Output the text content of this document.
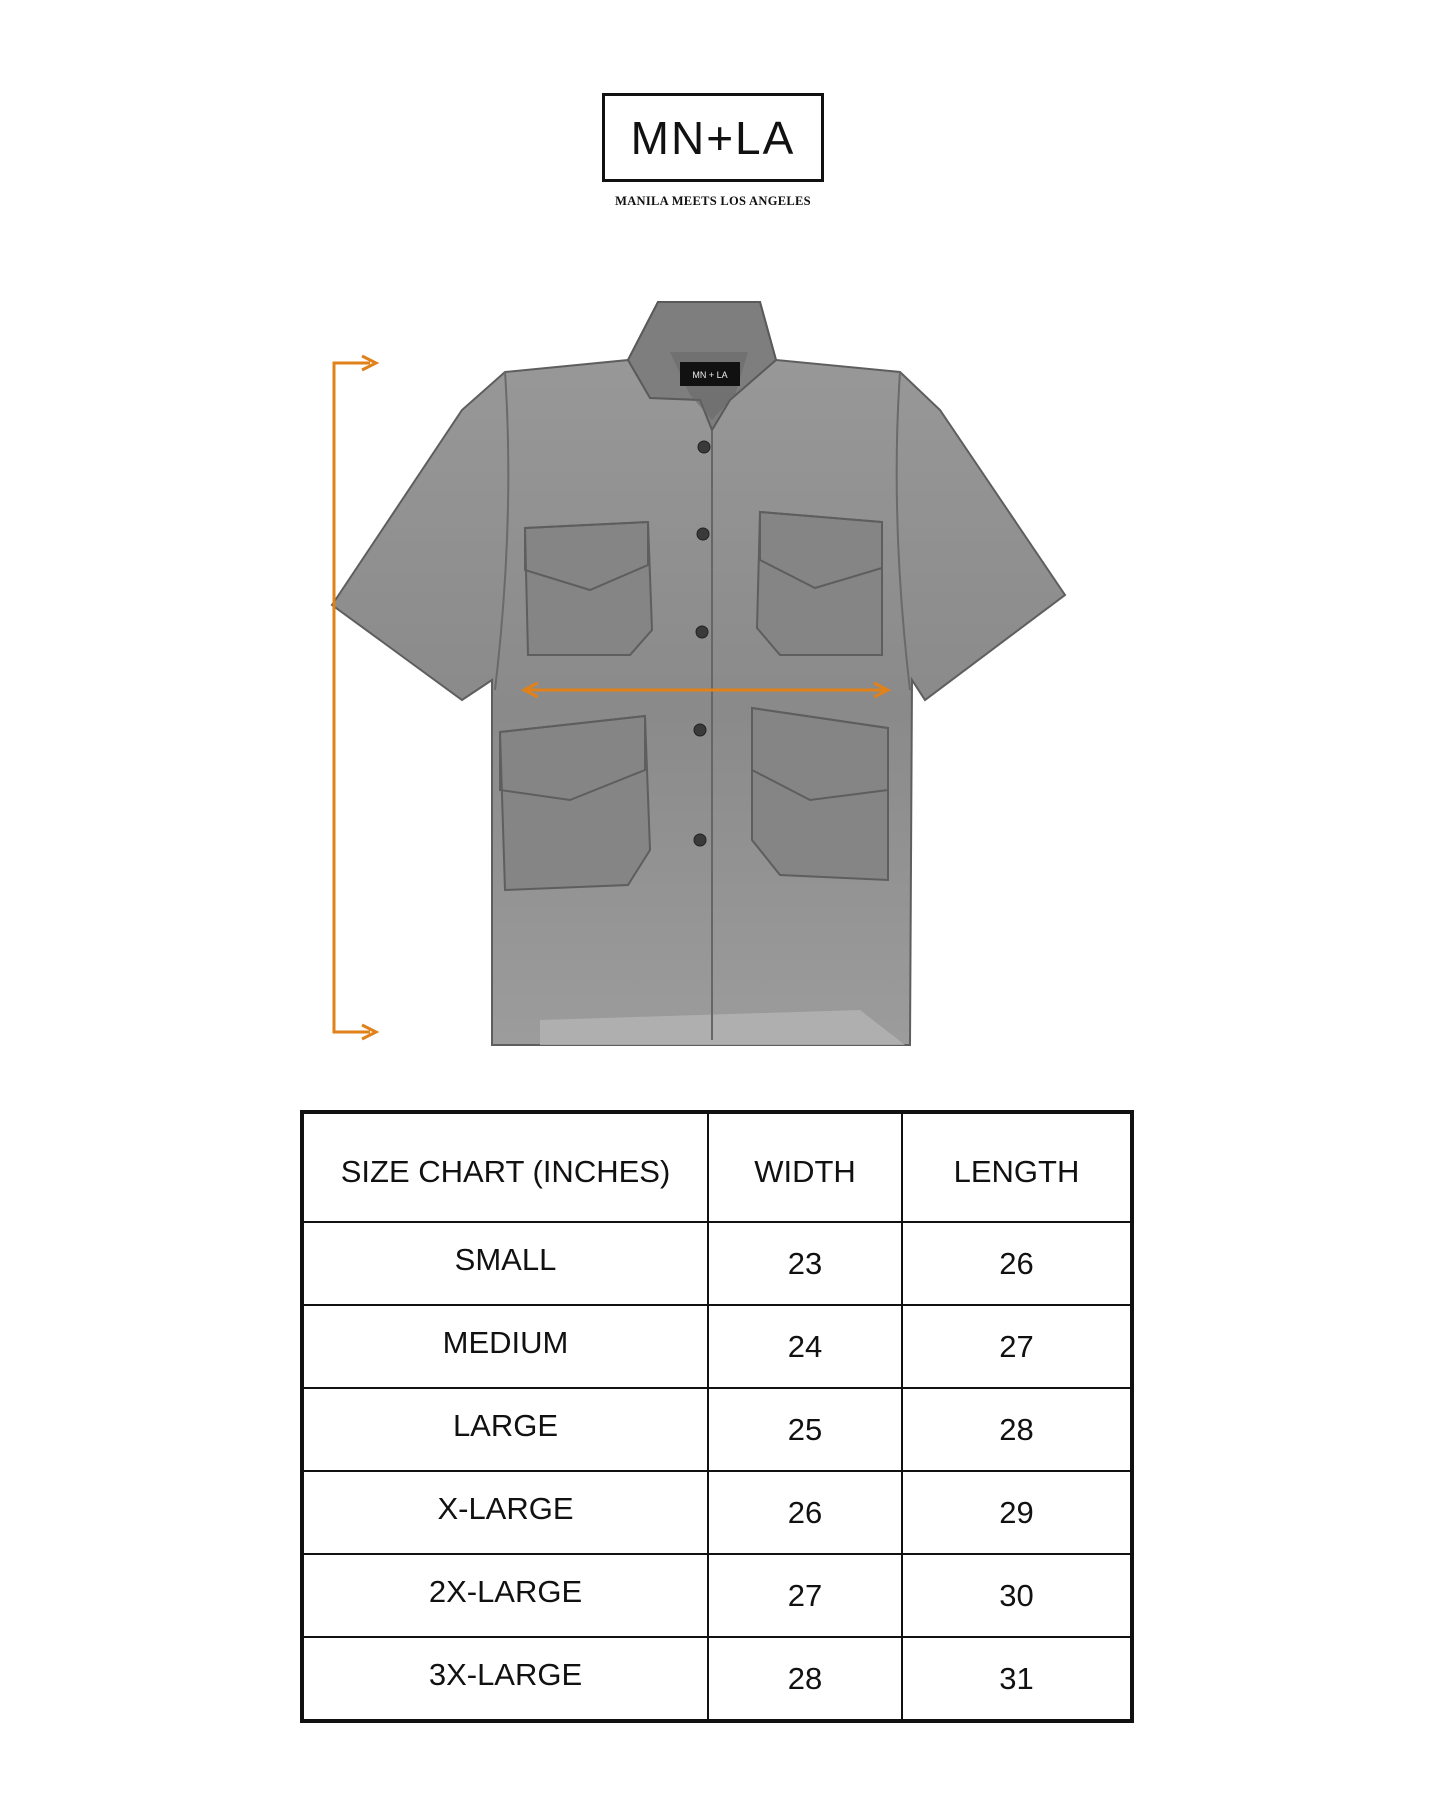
MN+LA
MANILA MEETS LOS ANGELES
MN + LA
SIZE CHART (INCHES)	WIDTH	LENGTH
SMALL	23	26
MEDIUM	24	27
LARGE	25	28
X-LARGE	26	29
2X-LARGE	27	30
3X-LARGE	28	31
